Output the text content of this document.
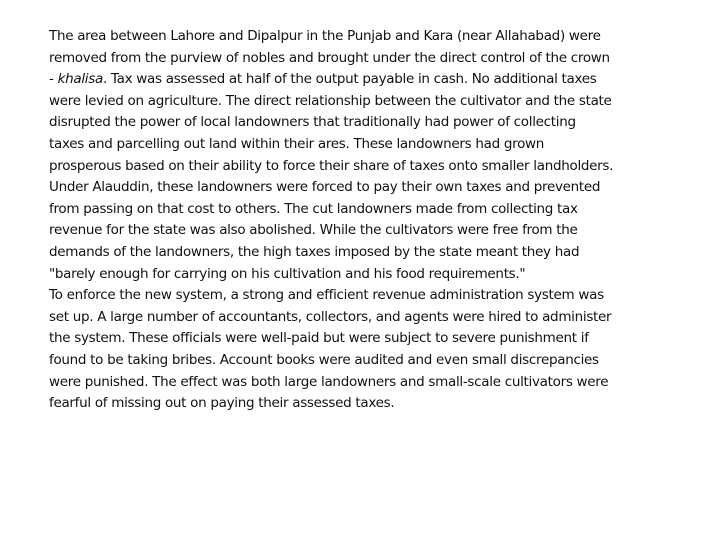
The area between Lahore and Dipalpur in the Punjab and Kara (near Allahabad) were
removed from the purview of nobles and brought under the direct control of the crown
- khalisa. Tax was assessed at half of the output payable in cash. No additional taxes
were levied on agriculture. The direct relationship between the cultivator and the state
disrupted the power of local landowners that traditionally had power of collecting
taxes and parcelling out land within their ares. These landowners had grown
prosperous based on their ability to force their share of taxes onto smaller landholders.
Under Alauddin, these landowners were forced to pay their own taxes and prevented
from passing on that cost to others. The cut landowners made from collecting tax
revenue for the state was also abolished. While the cultivators were free from the
demands of the landowners, the high taxes imposed by the state meant they had
"barely enough for carrying on his cultivation and his food requirements."
To enforce the new system, a strong and efficient revenue administration system was
set up. A large number of accountants, collectors, and agents were hired to administer
the system. These officials were well-paid but were subject to severe punishment if
found to be taking bribes. Account books were audited and even small discrepancies
were punished. The effect was both large landowners and small-scale cultivators were
fearful of missing out on paying their assessed taxes.
